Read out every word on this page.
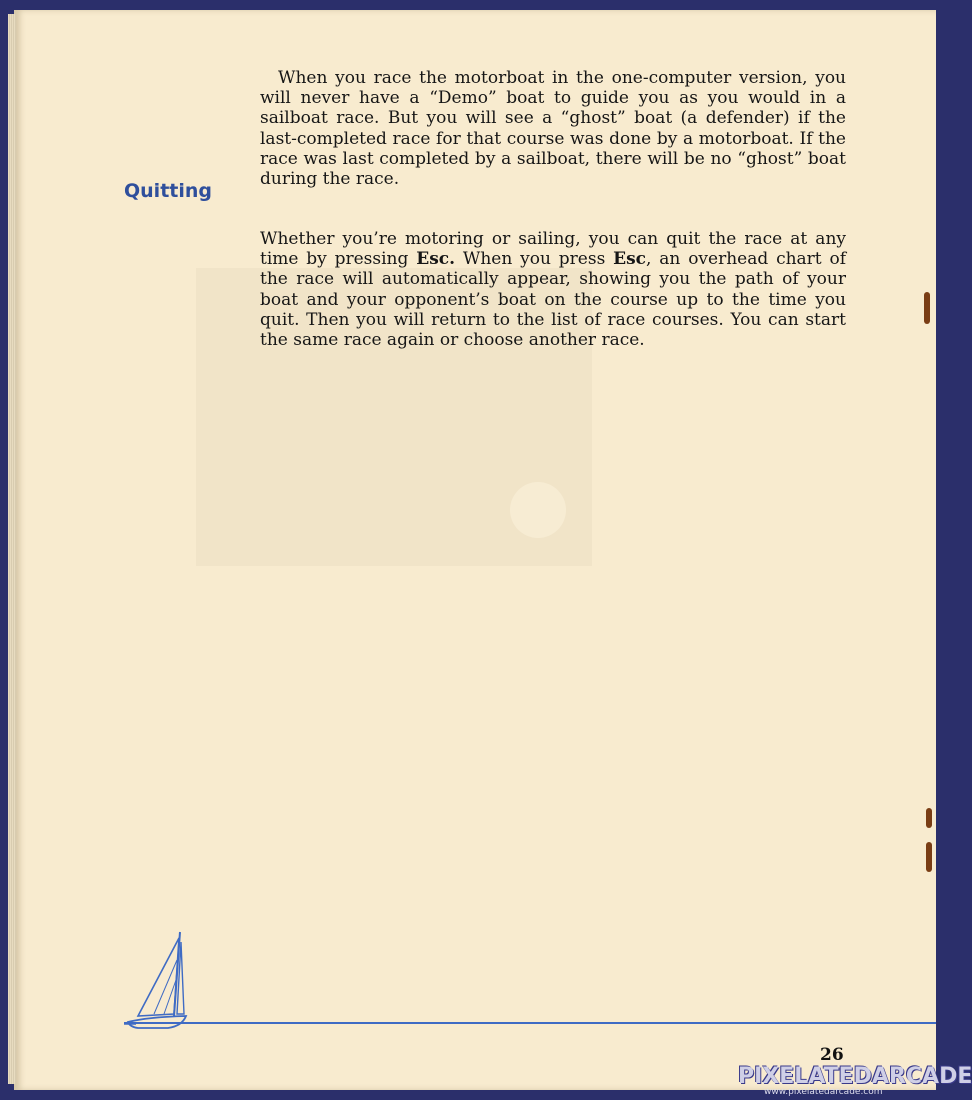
When you race the motorboat in the one-computer version, you will never have a “Demo” boat to guide you as you would in a sailboat race. But you will see a “ghost” boat (a defender) if the last-completed race for that course was done by a motorboat. If the race was last completed by a sailboat, there will be no “ghost” boat during the race.

Quitting

Whether you’re motoring or sailing, you can quit the race at any time by pressing Esc. When you press Esc, an overhead chart of the race will automatically appear, showing you the path of your boat and your opponent’s boat on the course up to the time you quit. Then you will return to the list of race courses. You can start the same race again or choose another race.

26
PIXELATEDARCADE
www.pixelatedarcade.com
